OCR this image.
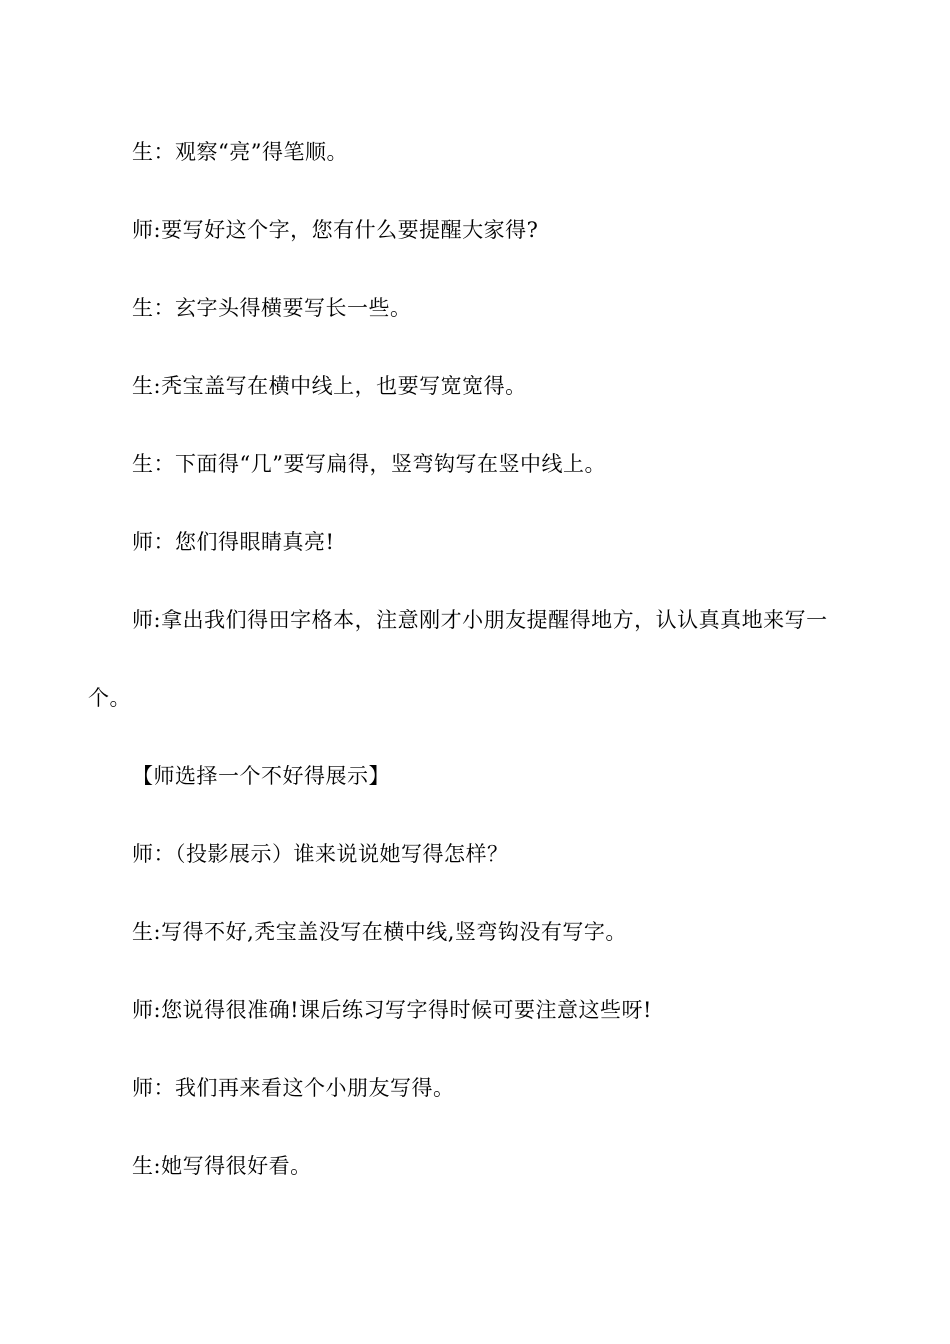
生：观察“亮”得笔顺。
师:要写好这个字，您有什么要提醒大家得?
生：玄字头得横要写长一些。
生:秃宝盖写在横中线上，也要写宽宽得。
生：下面得“几”要写扁得，竖弯钩写在竖中线上。
师：您们得眼睛真亮!
师:拿出我们得田字格本，注意刚才小朋友提醒得地方，认认真真地来写一
个。
【师选择一个不好得展示】
师：（投影展示）谁来说说她写得怎样？
生:写得不好,秃宝盖没写在横中线,竖弯钩没有写字。
师:您说得很准确!课后练习写字得时候可要注意这些呀!
师：我们再来看这个小朋友写得。
生:她写得很好看。
